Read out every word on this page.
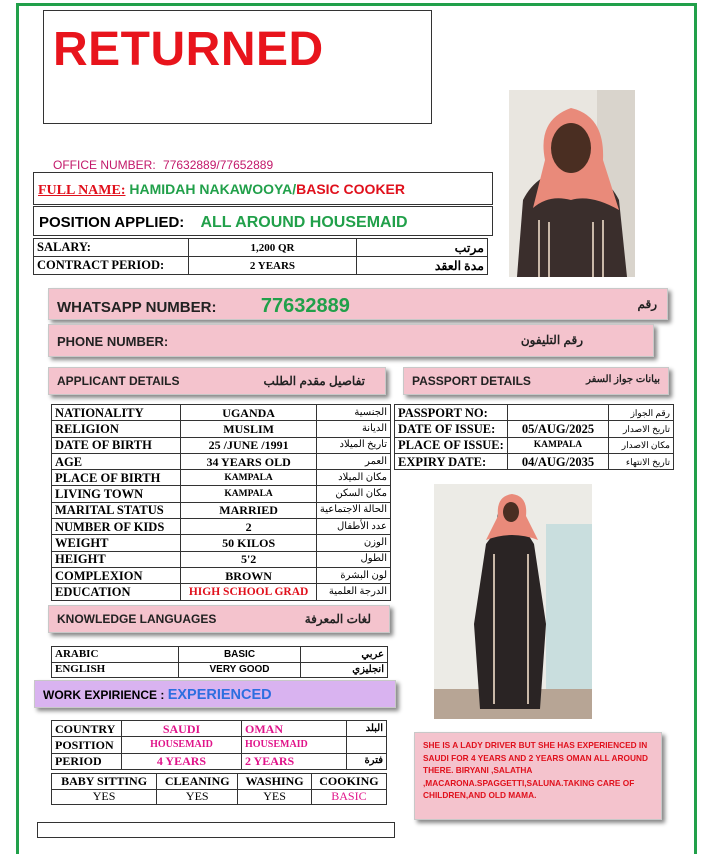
RETURNED
OFFICE NUMBER: 77632889/77652889
FULL NAME: HAMIDAH NAKAWOOYA/BASIC COOKER
POSITION APPLIED: ALL AROUND HOUSEMAID
SALARY:	1,200 QR	مرتب
CONTRACT PERIOD:	2 YEARS	مدة العقد
WHATSAPP NUMBER: 77632889	رقم
PHONE NUMBER:	رقم التليفون
APPLICANT DETAILS	تفاصيل مقدم الطلب	PASSPORT DETAILS	بيانات جواز السفر
NATIONALITY	UGANDA	الجنسية
RELIGION	MUSLIM	الديانة
DATE OF BIRTH	25 /JUNE /1991	تاريخ الميلاد
AGE	34 YEARS OLD	العمر
PLACE OF BIRTH	KAMPALA	مكان الميلاد
LIVING TOWN	KAMPALA	مكان السكن
MARITAL STATUS	MARRIED	الحالة الاجتماعية
NUMBER OF KIDS	2	عدد الأطفال
WEIGHT	50 KILOS	الوزن
HEIGHT	5'2	الطول
COMPLEXION	BROWN	لون البشرة
EDUCATION	HIGH SCHOOL GRAD	الدرجة العلمية
PASSPORT NO:		رقم الجواز
DATE OF ISSUE:	05/AUG/2025	تاريخ الاصدار
PLACE OF ISSUE:	KAMPALA	مكان الاصدار
EXPIRY DATE:	04/AUG/2035	تاريخ الانتهاء
KNOWLEDGE LANGUAGES	لغات المعرفة
ARABIC	BASIC	عربي
ENGLISH	VERY GOOD	انجليزي
WORK EXPIRIENCE : EXPERIENCED
COUNTRY	SAUDI	OMAN	البلد
POSITION	HOUSEMAID	HOUSEMAID	
PERIOD	4 YEARS	2 YEARS	فترة
BABY SITTING	CLEANING	WASHING	COOKING
YES	YES	YES	BASIC
SHE IS A LADY DRIVER BUT SHE HAS EXPERIENCED IN SAUDI FOR 4 YEARS AND 2 YEARS OMAN ALL AROUND THERE. BIRYANI ,SALATHA ,MACARONA.SPAGGETTI,SALUNA.TAKING CARE OF CHILDREN,AND OLD MAMA.
